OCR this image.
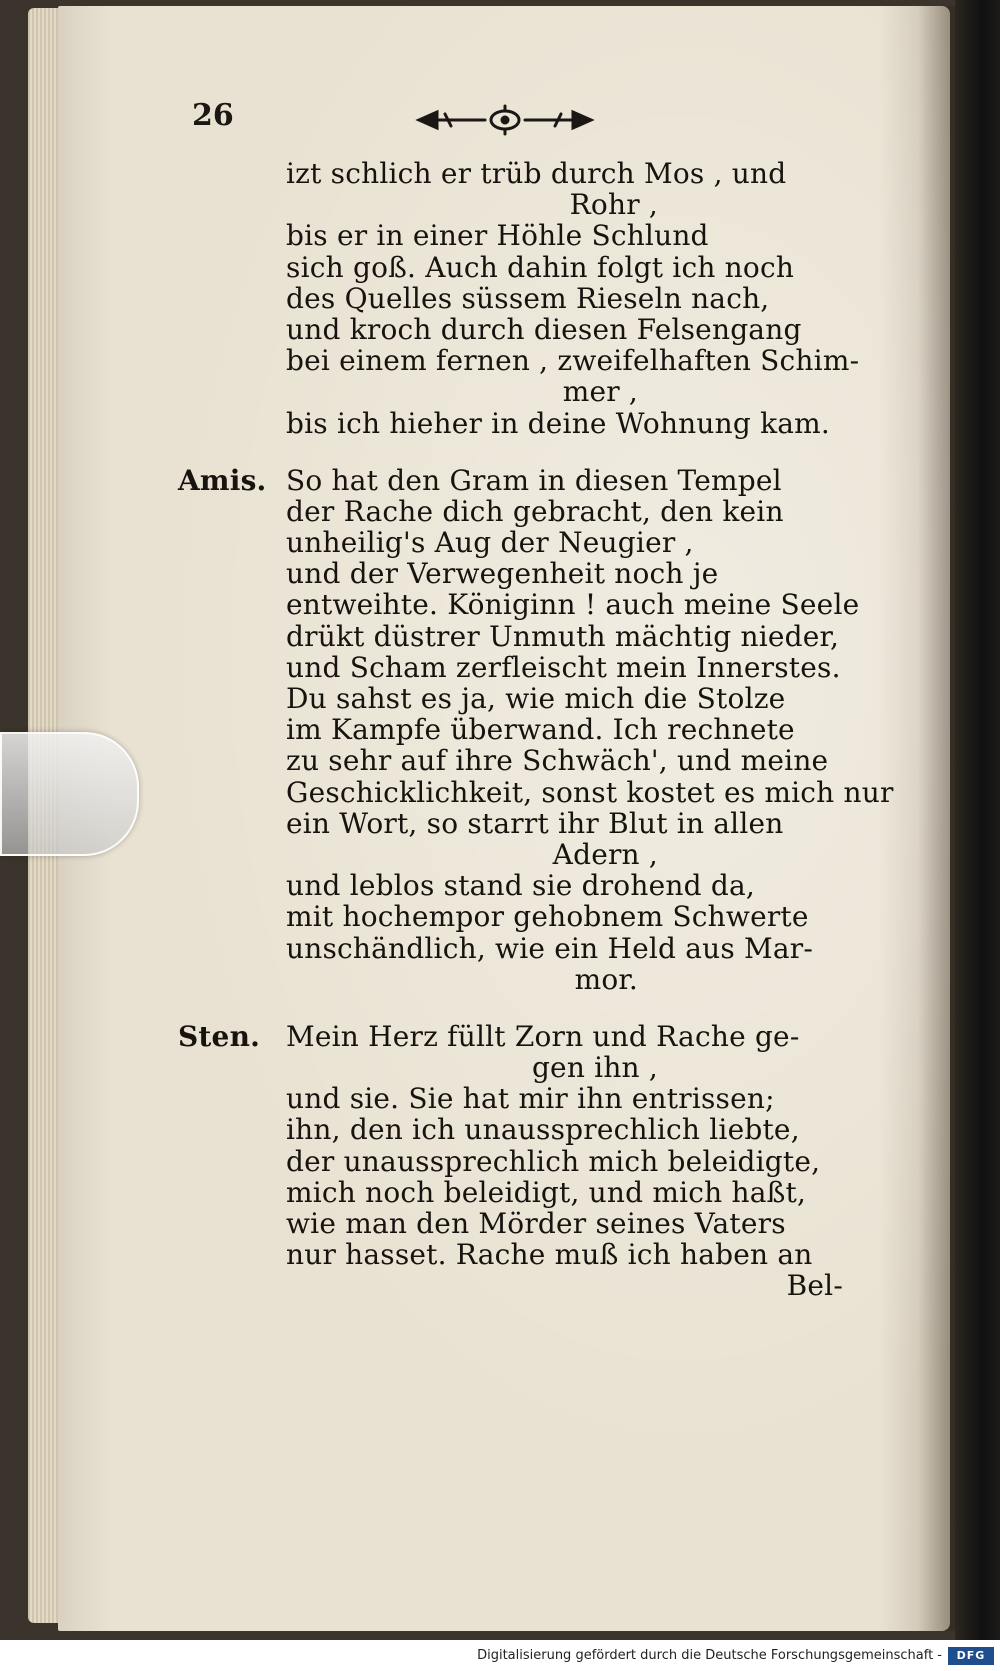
26
izt schlich er trüb durch Mos , und
Rohr ,
bis er in einer Höhle Schlund
sich goß. Auch dahin folgt ich noch
des Quelles süssem Rieseln nach,
und kroch durch diesen Felsengang
bei einem fernen , zweifelhaften Schim-
mer ,
bis ich hieher in deine Wohnung kam.
Amis. So hat den Gram in diesen Tempel
der Rache dich gebracht, den kein
unheilig's Aug der Neugier ,
und der Verwegenheit noch je
entweihte. Königinn ! auch meine Seele
drükt düstrer Unmuth mächtig nieder,
und Scham zerfleischt mein Innerstes.
Du sahst es ja, wie mich die Stolze
im Kampfe überwand. Ich rechnete
zu sehr auf ihre Schwäch', und meine
Geschicklichkeit, sonst kostet es mich nur
ein Wort, so starrt ihr Blut in allen
Adern ,
und leblos stand sie drohend da,
mit hochempor gehobnem Schwerte
unschändlich, wie ein Held aus Mar-
mor.
Sten. Mein Herz füllt Zorn und Rache ge-
gen ihn ,
und sie. Sie hat mir ihn entrissen;
ihn, den ich unaussprechlich liebte,
der unaussprechlich mich beleidigte,
mich noch beleidigt, und mich haßt,
wie man den Mörder seines Vaters
nur hasset. Rache muß ich haben an
Bel-
Digitalisierung gefördert durch die Deutsche Forschungsgemeinschaft -	DFG
